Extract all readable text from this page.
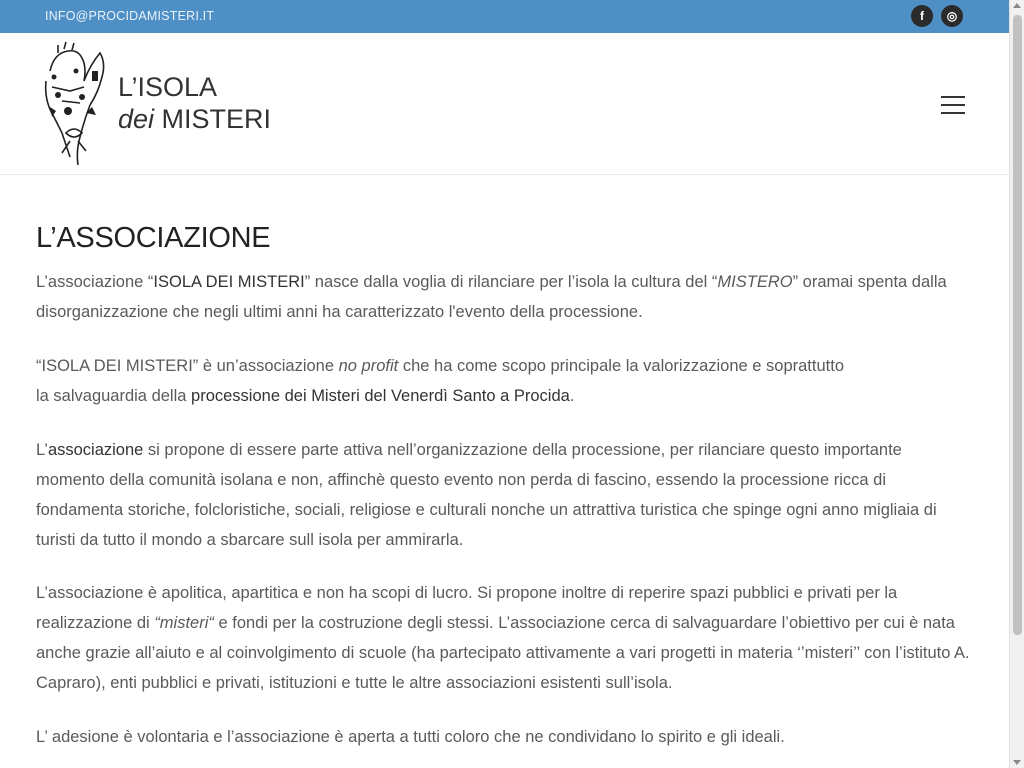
INFO@PROCIDAMISTERI.IT	f	◎
L’ISOLA
dei MISTERI
L’ASSOCIAZIONE

L’associazione “ISOLA DEI MISTERI” nasce dalla voglia di rilanciare per l’isola la cultura del “MISTERO” oramai spenta dalla disorganizzazione che negli ultimi anni ha caratterizzato l'evento della processione.

“ISOLA DEI MISTERI” è un’associazione no profit che ha come scopo principale la valorizzazione e soprattutto
la salvaguardia della processione dei Misteri del Venerdì Santo a Procida.

L’associazione si propone di essere parte attiva nell’organizzazione della processione, per rilanciare questo importante momento della comunità isolana e non, affinchè questo evento non perda di fascino, essendo la processione ricca di fondamenta storiche, folcloristiche, sociali, religiose e culturali nonche un attrattiva turistica che spinge ogni anno migliaia di turisti da tutto il mondo a sbarcare sull isola per ammirarla.

L’associazione è apolitica, apartitica e non ha scopi di lucro. Si propone inoltre di reperire spazi pubblici e privati per la realizzazione di “misteri“ e fondi per la costruzione degli stessi. L’associazione cerca di salvaguardare l’obiettivo per cui è nata anche grazie all’aiuto e al coinvolgimento di scuole (ha partecipato attivamente a vari progetti in materia ‘’misteri’’ con l’istituto A. Capraro), enti pubblici e privati, istituzioni e tutte le altre associazioni esistenti sull’isola.

L’ adesione è volontaria e l’associazione è aperta a tutti coloro che ne condividano lo spirito e gli ideali.
